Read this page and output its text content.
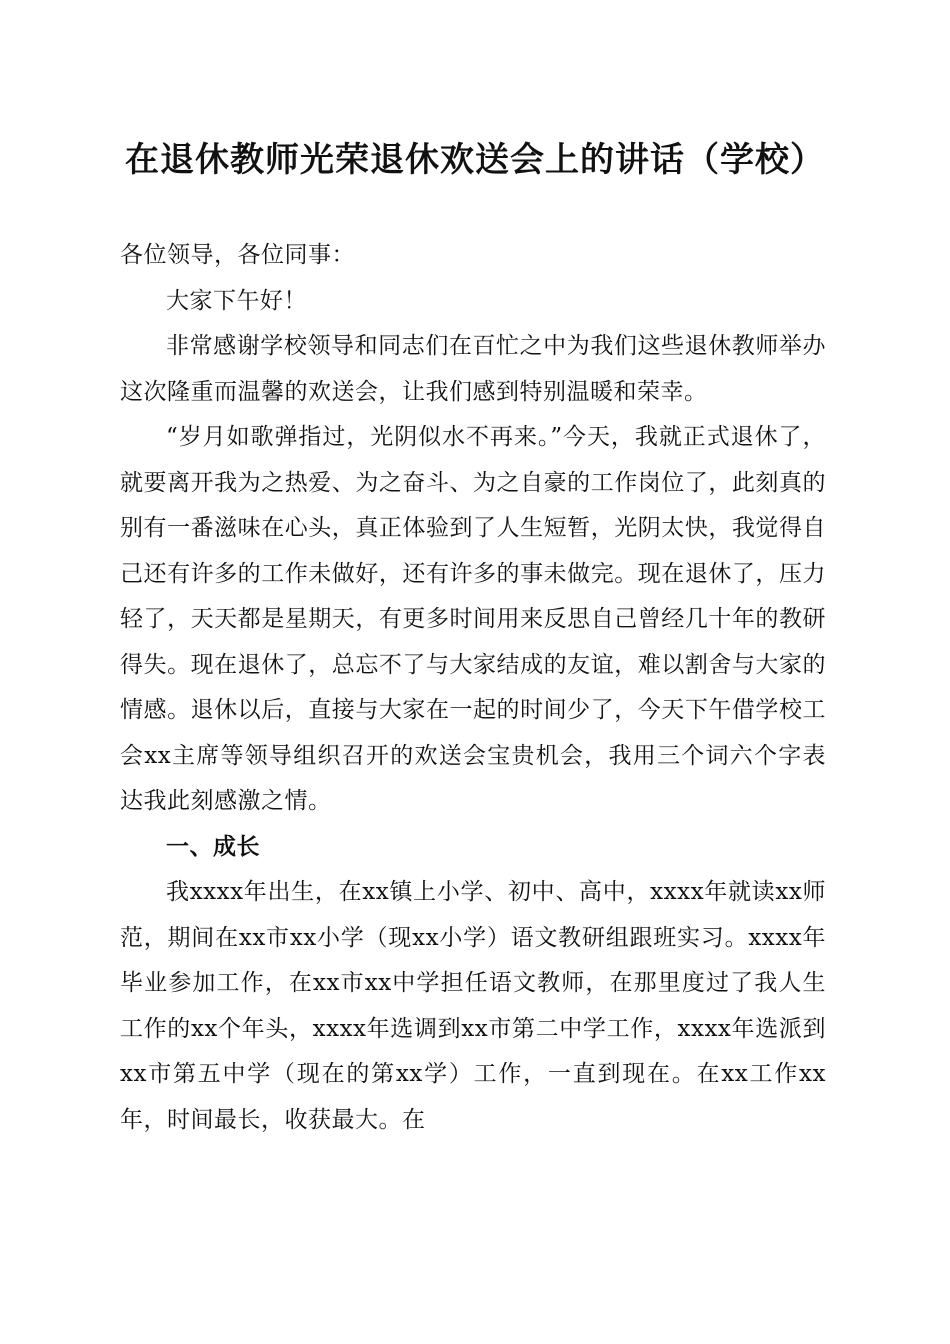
在退休教师光荣退休欢送会上的讲话（学校）

各位领导，各位同事：

大家下午好！

非常感谢学校领导和同志们在百忙之中为我们这些退休教师举办这次隆重而温馨的欢送会，让我们感到特别温暖和荣幸。

“岁月如歌弹指过，光阴似水不再来。”今天，我就正式退休了，就要离开我为之热爱、为之奋斗、为之自豪的工作岗位了，此刻真的别有一番滋味在心头，真正体验到了人生短暂，光阴太快，我觉得自己还有许多的工作未做好，还有许多的事未做完。现在退休了，压力轻了，天天都是星期天，有更多时间用来反思自己曾经几十年的教研得失。现在退休了，总忘不了与大家结成的友谊，难以割舍与大家的情感。退休以后，直接与大家在一起的时间少了，今天下午借学校工会xx主席等领导组织召开的欢送会宝贵机会，我用三个词六个字表达我此刻感激之情。

一、成长

我xxxx年出生，在xx镇上小学、初中、高中，xxxx年就读xx师范，期间在xx市xx小学（现xx小学）语文教研组跟班实习。xxxx年毕业参加工作，在xx市xx中学担任语文教师，在那里度过了我人生工作的xx个年头，xxxx年选调到xx市第二中学工作，xxxx年选派到xx市第五中学（现在的第xx学）工作，一直到现在。在xx工作xx年，时间最长，收获最大。在
